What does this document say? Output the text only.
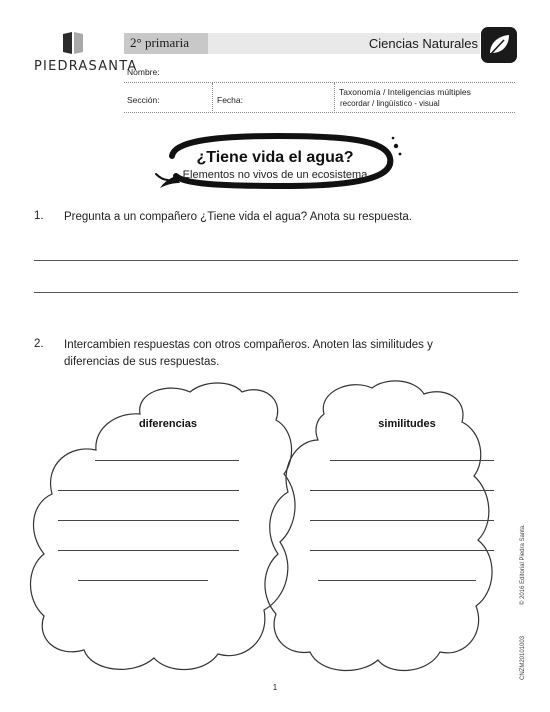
PIEDRASANTA
2° primaria	Ciencias Naturales
Nombre:
Sección:	Fecha:
Taxonomía / Inteligencias múltiples
recordar / lingüístico - visual
¿Tiene vida el agua?
Elementos no vivos de un ecosistema
1. Pregunta a un compañero ¿Tiene vida el agua? Anota su respuesta.
2. Intercambien respuestas con otros compañeros. Anoten las similitudes y
diferencias de sus respuestas.
diferencias	similitudes
© 2016 Editorial Piedra Santa.
CNZM20101003
1
